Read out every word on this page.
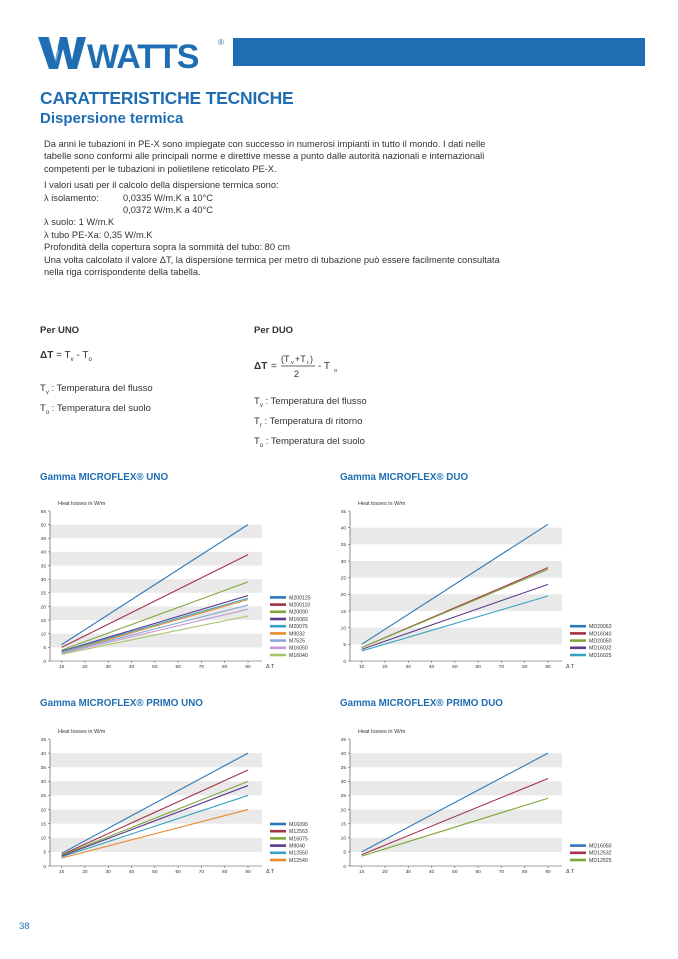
WATTS ®
CARATTERISTICHE TECNICHE
Dispersione termica

Da anni le tubazioni in PE-X sono impiegate con successo in numerosi impianti in tutto il mondo. I dati nelle tabelle sono conformi alle principali norme e direttive messe a punto dalle autorità nazionali e internazionali competenti per le tubazioni in polietilene reticolato PE-X.

I valori usati per il calcolo della dispersione termica sono:
λ isolamento:	0,0335 W/m.K a 10°C
0,0372 W/m.K a 40°C
λ suolo: 1 W/m.K
λ tubo PE-Xa: 0,35 W/m.K
Profondità della copertura sopra la sommità del tubo: 80 cm
Una volta calcolato il valore ΔT, la dispersione termica per metro di tubazione può essere facilmente consultata nella riga corrispondente della tabella.
Per UNO
$\Delta T = T_v - T_o$
$T_v$ : Temperatura del flusso
$T_o$ : Temperatura del suolo
Per DUO
ΔT =
(T v +T r )
2
- T o
$T_v$ : Temperatura del flusso
$T_r$ : Temperatura di ritorno
$T_o$ : Temperatura del suolo
Gamma MICROFLEX® UNO	Gamma MICROFLEX® DUO
Gamma MICROFLEX® PRIMO UNO	Gamma MICROFLEX® PRIMO DUO
Heat losses in W/m
0
5
10
15
20
25
30
35
40
45
50
55
10	20	30	40	50	60	70	80	90	Δ T
M200125
M200110
M20090
M16083
M20075
M9032
M7525
M16050
M16040
Heat losses in W/m
0
5
10
15
20
25
30
35
40
45
10	20	30	40	50	60	70	80	90	Δ T
MD20063
MD16040
MD20050
MD16032
MD16025
Heat losses in W/m
0
5
10
15
20
25
30
35
40
45
10	20	30	40	50	60	70	80	90	Δ T
M16090
M12563
M16075
M9040
M12550
M12540
Heat losses in W/m
0
5
10
15
20
25
30
35
40
45
10	20	30	40	50	60	70	80	90	Δ T
MD16050
MD12532
MD12525
38
